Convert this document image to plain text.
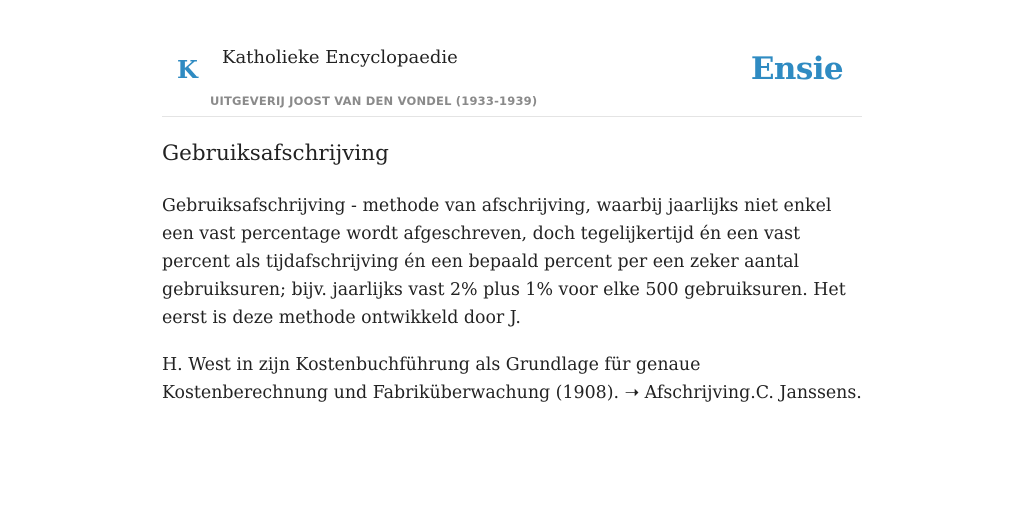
K Katholieke Encyclopaedie
UITGEVERIJ JOOST VAN DEN VONDEL (1933-1939)
Ensie
Gebruiksafschrijving

Gebruiksafschrijving - methode van afschrijving, waarbij jaarlijks niet enkel een vast percentage wordt afgeschreven, doch tegelijkertijd én een vast percent als tijdafschrijving én een bepaald percent per een zeker aantal gebruiksuren; bijv. jaarlijks vast 2% plus 1% voor elke 500 gebruiksuren. Het eerst is deze methode ontwikkeld door J.

H. West in zijn Kostenbuchführung als Grundlage für genaue Kostenberechnung und Fabriküberwachung (1908). ➝ Afschrijving.C. Janssens.
